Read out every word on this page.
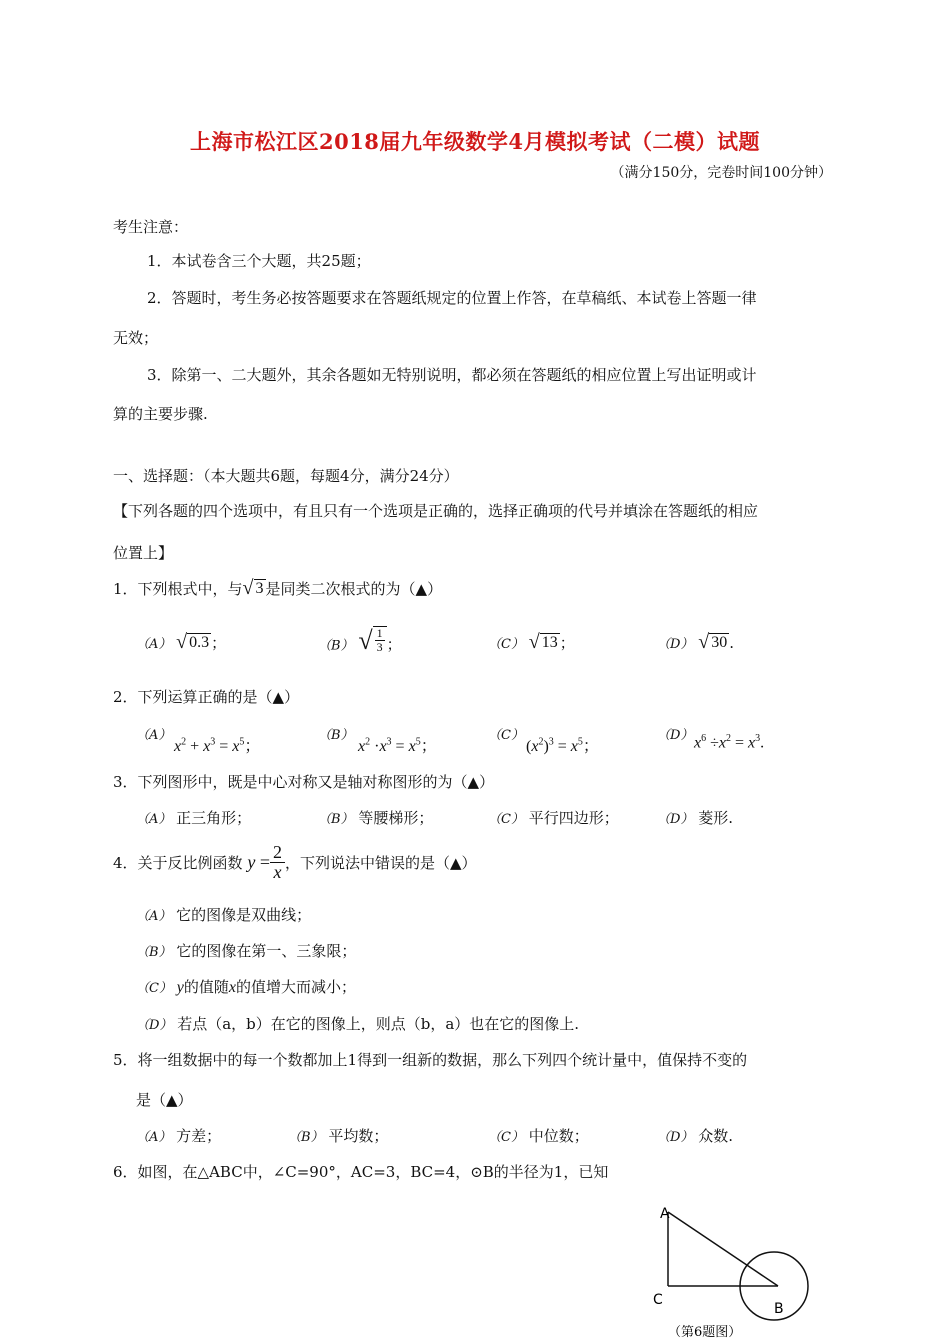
上海市松江区2018届九年级数学4月模拟考试（二模）试题
（满分150分，完卷时间100分钟）
考生注意：
1．本试卷含三个大题，共25题；
2．答题时，考生务必按答题要求在答题纸规定的位置上作答，在草稿纸、本试卷上答题一律
无效；
3．除第一、二大题外，其余各题如无特别说明，都必须在答题纸的相应位置上写出证明或计
算的主要步骤.
一、选择题：（本大题共6题，每题4分，满分24分）
【下列各题的四个选项中，有且只有一个选项是正确的，选择正确项的代号并填涂在答题纸的相应
位置上】
1．下列根式中，与 √ 3 是同类二次根式的为（▲）
（A） √ 0.3 ；	（B） √ $\frac{1}{3}$ ；	（C） √ 13 ；	（D） √ 30 .
2．下列运算正确的是（▲）
（A）
$x^2 + x^3 = x^5$；
（B）
$x^2 \cdot x^3 = x^5$；
（C）
$(x^2)^3 = x^5$；
（D） $x^6 \div x^2 = x^3$.
3．下列图形中，既是中心对称又是轴对称图形的为（▲）
（A） 正三角形；	（B） 等腰梯形；	（C） 平行四边形；	（D） 菱形.
4．关于反比例函数 $y = \frac{2}{x}$ ，下列说法中错误的是（▲）
（A） 它的图像是双曲线；
（B） 它的图像在第一、三象限；
（C） y的值随x的值增大而减小；
（D） 若点（a，b）在它的图像上，则点（b，a）也在它的图像上.
5．将一组数据中的每一个数都加上1得到一组新的数据，那么下列四个统计量中，值保持不变的
是（▲）
（A） 方差；	（B） 平均数；	（C） 中位数；	（D） 众数.
6．如图，在△ABC中，∠C=90°，AC=3，BC=4，⊙B的半径为1，已知
A
C
B
（第6题图）
